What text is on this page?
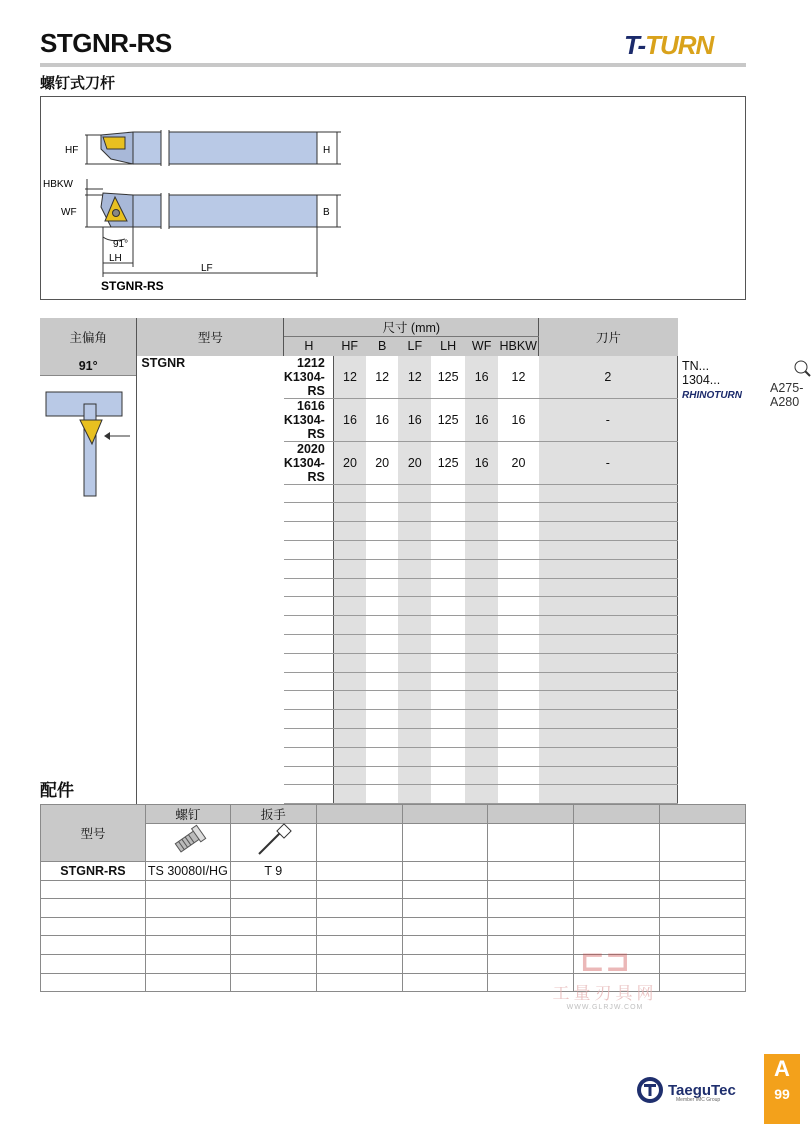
STGNR-RS
螺钉式刀杆
T-TURN
HF	H
HBKW
WF	B
91°
LH
LF
STGNR-RS
主偏角	型号	尺寸 (mm)							刀片	
		H	HF	B	LF	LH	WF	HBKW		

91°	STGNR	1212 K1304-RS	12	12	12	125	16	12	2	TN... 1304...
RHINOTURN
A275-A280

		1616 K1304-RS	16	16	16	125	16	16	-	
		2020 K1304-RS	20	20	20	125	16	20	-	

配件
型号	螺钉	扳手					

STGNR-RS	TS 30080I/HG	T 9					

⊏⊐
工量刃具网
WWW.GLRJW.COM
TaeguTec
Member IMC Group
A
99
